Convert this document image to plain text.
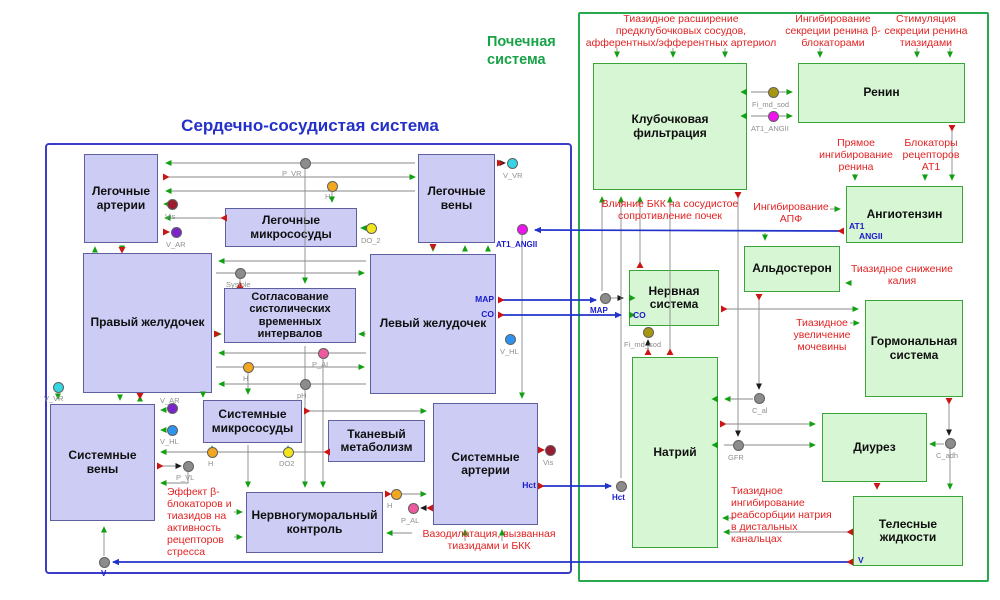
Сердечно-сосудистая система
Почечная система
Легочные артерии
Легочные микрососуды
Легочные вены
Правый желудочек
Согласование систолических временных интервалов
Левый желудочек
Системные вены
Системные микрососуды	Тканевый метаболизм
Системные артерии
Нервногуморальный контроль
Клубочковая фильтрация
Ренин
Ангиотензин
Альдостерон
Нервная система
Гормональная система
Натрий	Диурез
Телесные жидкости
Тиазидное расширение предклубочковых сосудов, афферентных/эфферентных артериол
Ингибирование секреции ренина β-блокаторами
Стимуляция секреции ренина тиазидами
Прямое ингибирование ренина
Блокаторы рецепторов AT1
Ингибирование АПФ
Влияние БКК на сосудистое сопротивление почек
Тиазидное снижение калия
Тиазидное увеличение мочевины
Тиазидное ингибирование реабсорбции натрия в дистальных канальцах
Эффект β-блокаторов и тиазидов на активность рецепторов стресса
Вазодилатация, вызванная тиазидами и БКК
MAP
CO
Hct
V
CO
AT1
ANGII
Vis
V_AR
P_VR
H
V_VR
DO_2	AT1_ANGII
Systole
P_AL
H
pH
V_HL
V_VR	V_AR
V_HL
H	DO2
P_VL
V
H
P_AL
Vis
Fi_md_sod
AT1_ANGII
MAP
Fi_md_sod
C_al
GFR	C_adh
Hct
